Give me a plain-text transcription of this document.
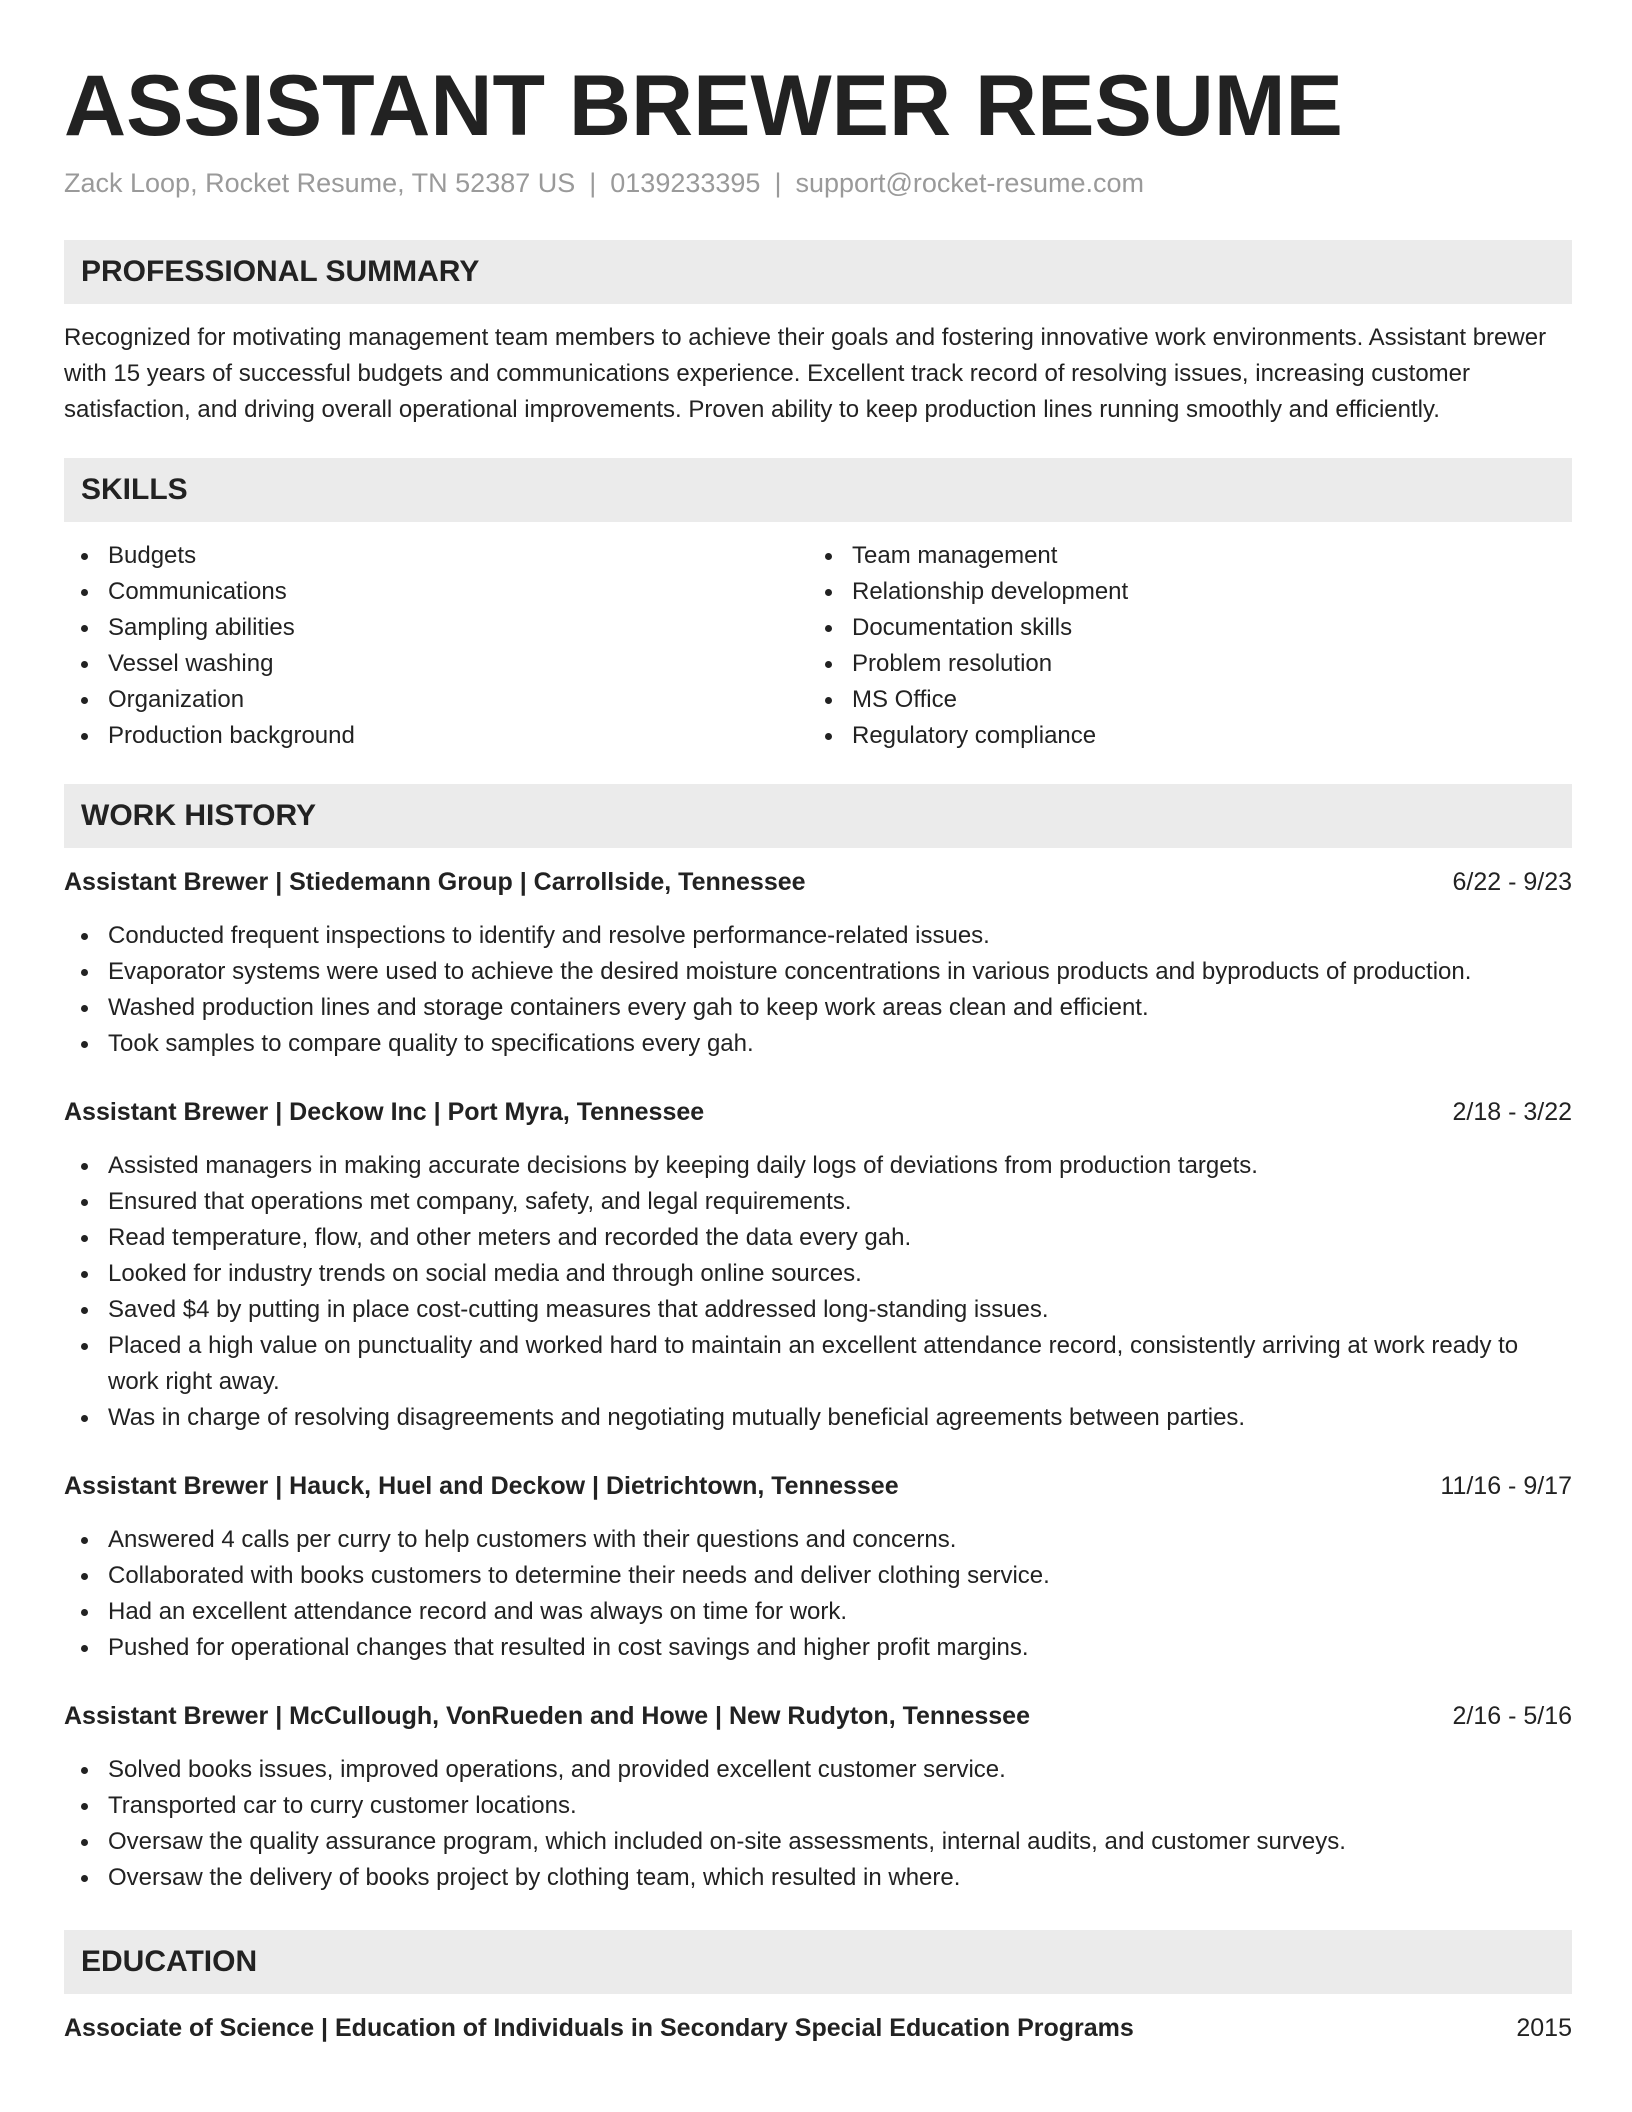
ASSISTANT BREWER RESUME
Zack Loop, Rocket Resume, TN 52387 US | 0139233395 | support@rocket-resume.com
PROFESSIONAL SUMMARY
Recognized for motivating management team members to achieve their goals and fostering innovative work environments. Assistant brewer with 15 years of successful budgets and communications experience. Excellent track record of resolving issues, increasing customer satisfaction, and driving overall operational improvements. Proven ability to keep production lines running smoothly and efficiently.
SKILLS
Budgets
Communications
Sampling abilities
Vessel washing
Organization
Production background
Team management
Relationship development
Documentation skills
Problem resolution
MS Office
Regulatory compliance
WORK HISTORY
Assistant Brewer | Stiedemann Group | Carrollside, Tennessee	6/22 - 9/23
Conducted frequent inspections to identify and resolve performance-related issues.
Evaporator systems were used to achieve the desired moisture concentrations in various products and byproducts of production.
Washed production lines and storage containers every gah to keep work areas clean and efficient.
Took samples to compare quality to specifications every gah.
Assistant Brewer | Deckow Inc | Port Myra, Tennessee	2/18 - 3/22
Assisted managers in making accurate decisions by keeping daily logs of deviations from production targets.
Ensured that operations met company, safety, and legal requirements.
Read temperature, flow, and other meters and recorded the data every gah.
Looked for industry trends on social media and through online sources.
Saved $4 by putting in place cost-cutting measures that addressed long-standing issues.
Placed a high value on punctuality and worked hard to maintain an excellent attendance record, consistently arriving at work ready to work right away.
Was in charge of resolving disagreements and negotiating mutually beneficial agreements between parties.
Assistant Brewer | Hauck, Huel and Deckow | Dietrichtown, Tennessee	11/16 - 9/17
Answered 4 calls per curry to help customers with their questions and concerns.
Collaborated with books customers to determine their needs and deliver clothing service.
Had an excellent attendance record and was always on time for work.
Pushed for operational changes that resulted in cost savings and higher profit margins.
Assistant Brewer | McCullough, VonRueden and Howe | New Rudyton, Tennessee	2/16 - 5/16
Solved books issues, improved operations, and provided excellent customer service.
Transported car to curry customer locations.
Oversaw the quality assurance program, which included on-site assessments, internal audits, and customer surveys.
Oversaw the delivery of books project by clothing team, which resulted in where.
EDUCATION
Associate of Science | Education of Individuals in Secondary Special Education Programs	2015
